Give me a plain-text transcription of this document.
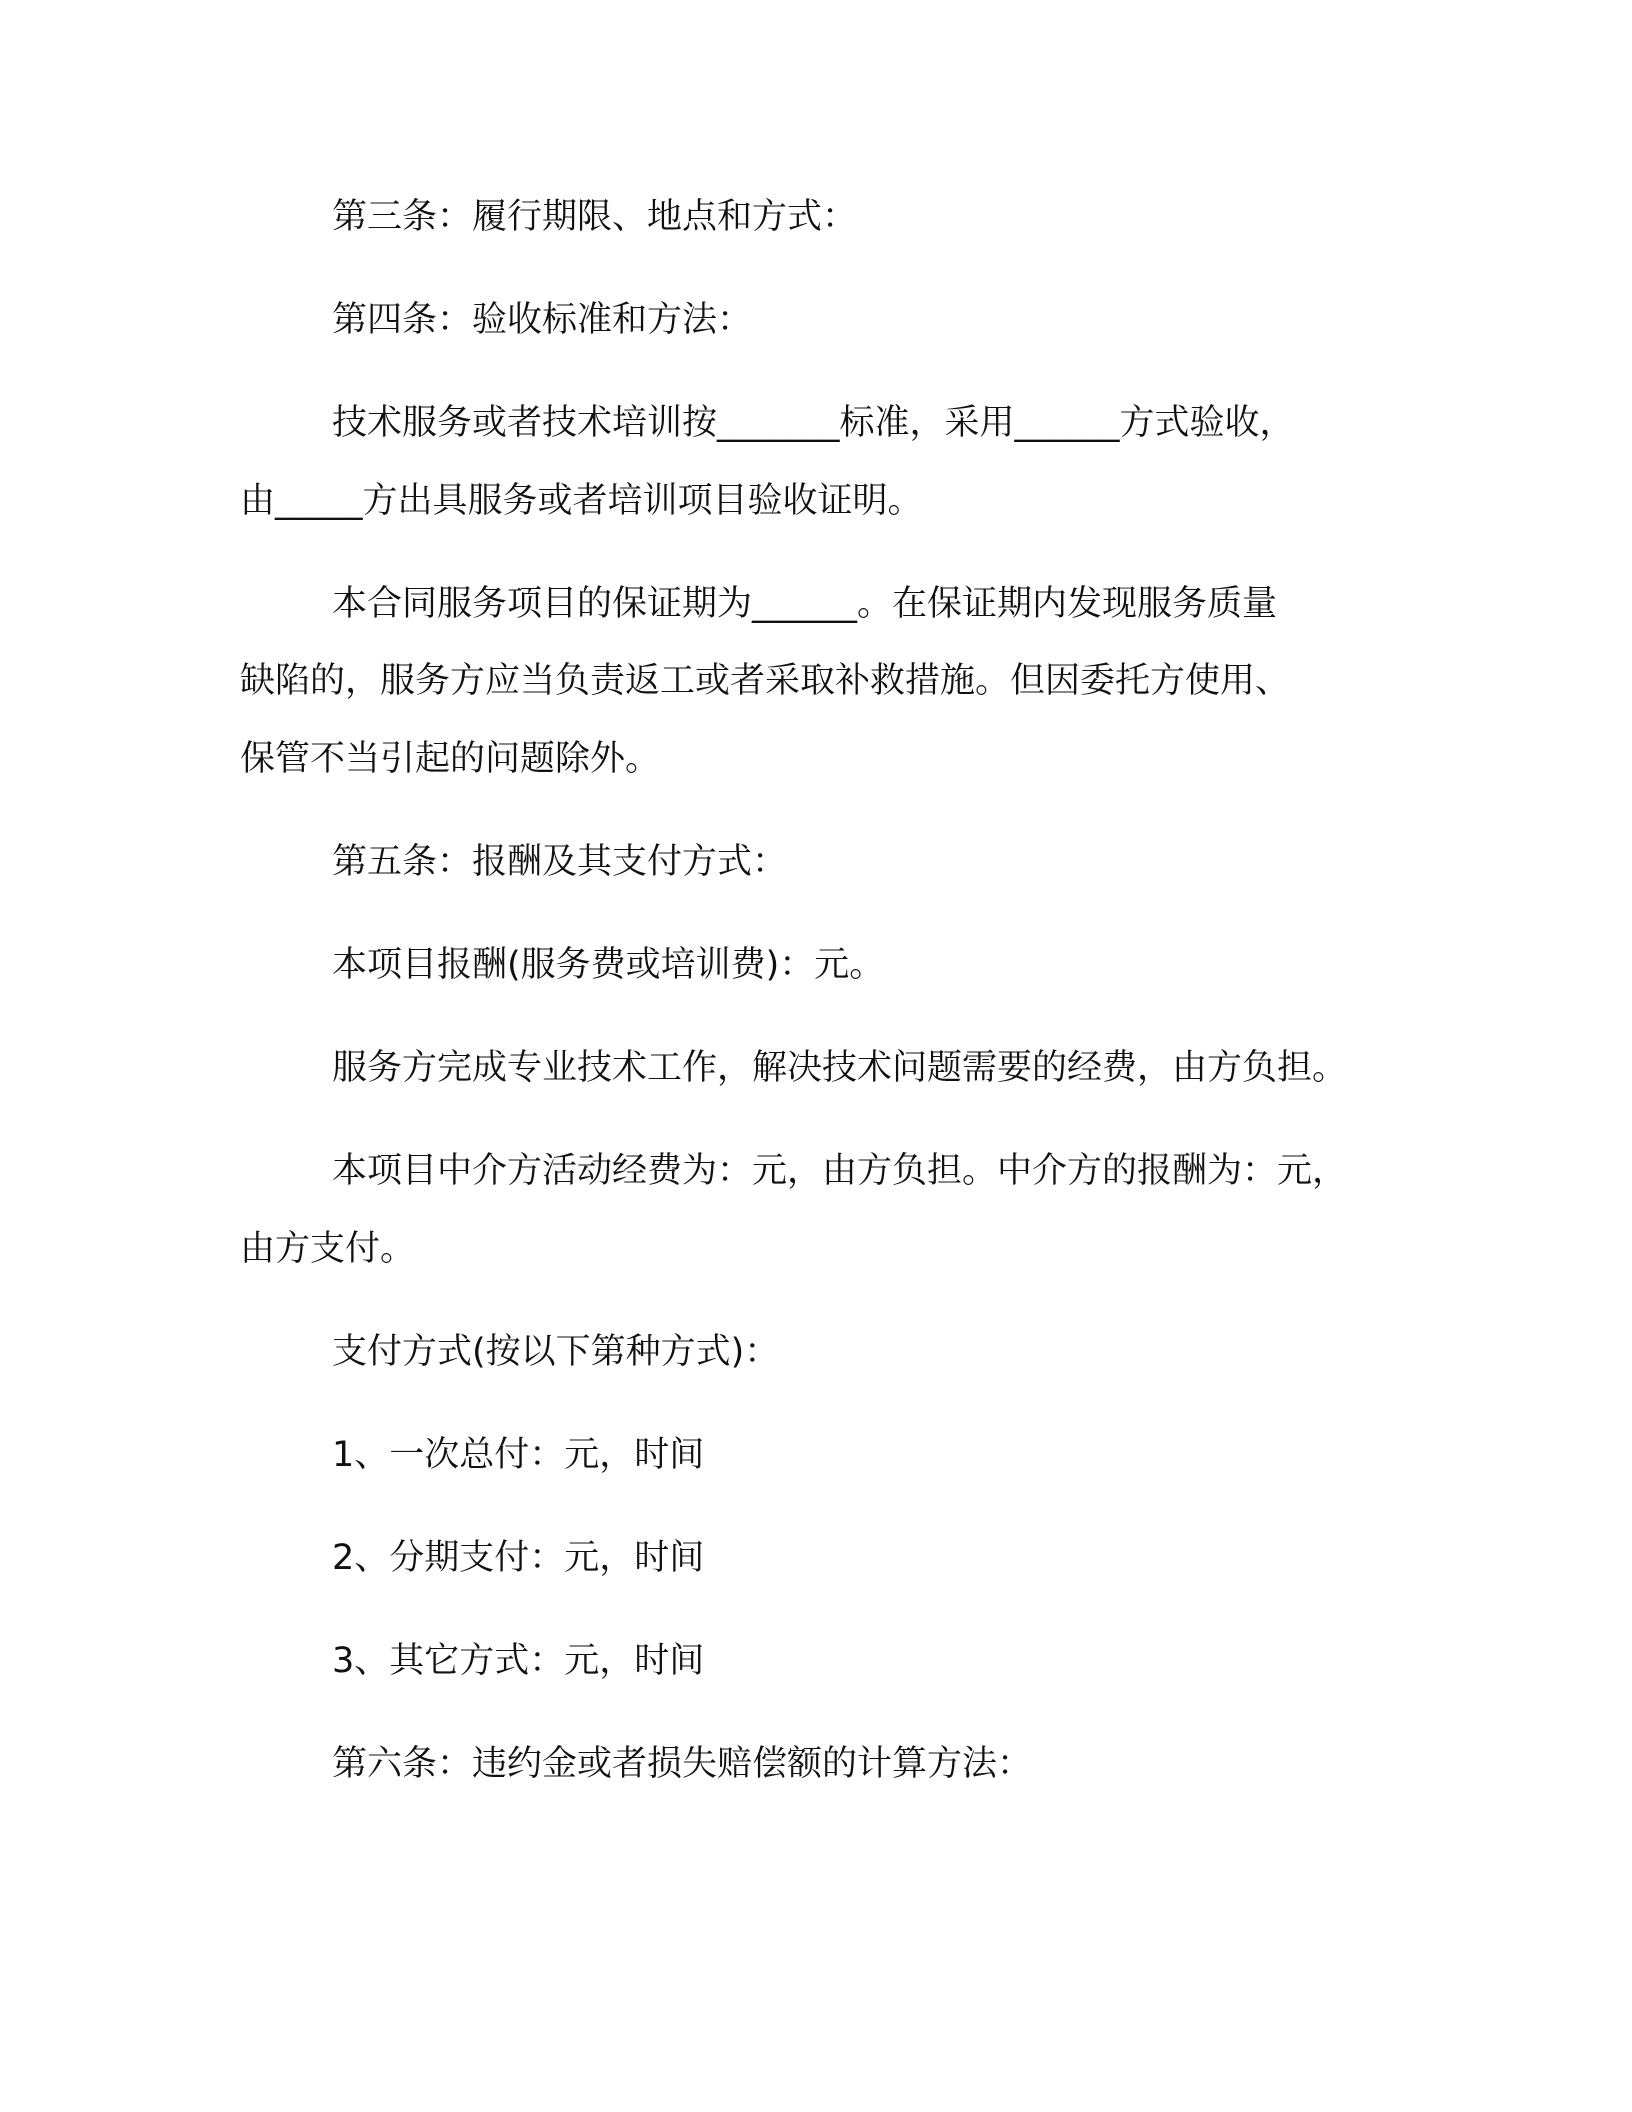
第三条：履行期限、地点和方式：

第四条：验收标准和方法：

技术服务或者技术培训按_______标准，采用______方式验收，

由_____方出具服务或者培训项目验收证明。

本合同服务项目的保证期为______。在保证期内发现服务质量

缺陷的，服务方应当负责返工或者采取补救措施。但因委托方使用、

保管不当引起的问题除外。

第五条：报酬及其支付方式：

本项目报酬(服务费或培训费)：元。

服务方完成专业技术工作，解决技术问题需要的经费，由方负担。

本项目中介方活动经费为：元，由方负担。中介方的报酬为：元，

由方支付。

支付方式(按以下第种方式)：

1、一次总付：元，时间

2、分期支付：元，时间

3、其它方式：元，时间

第六条：违约金或者损失赔偿额的计算方法：
